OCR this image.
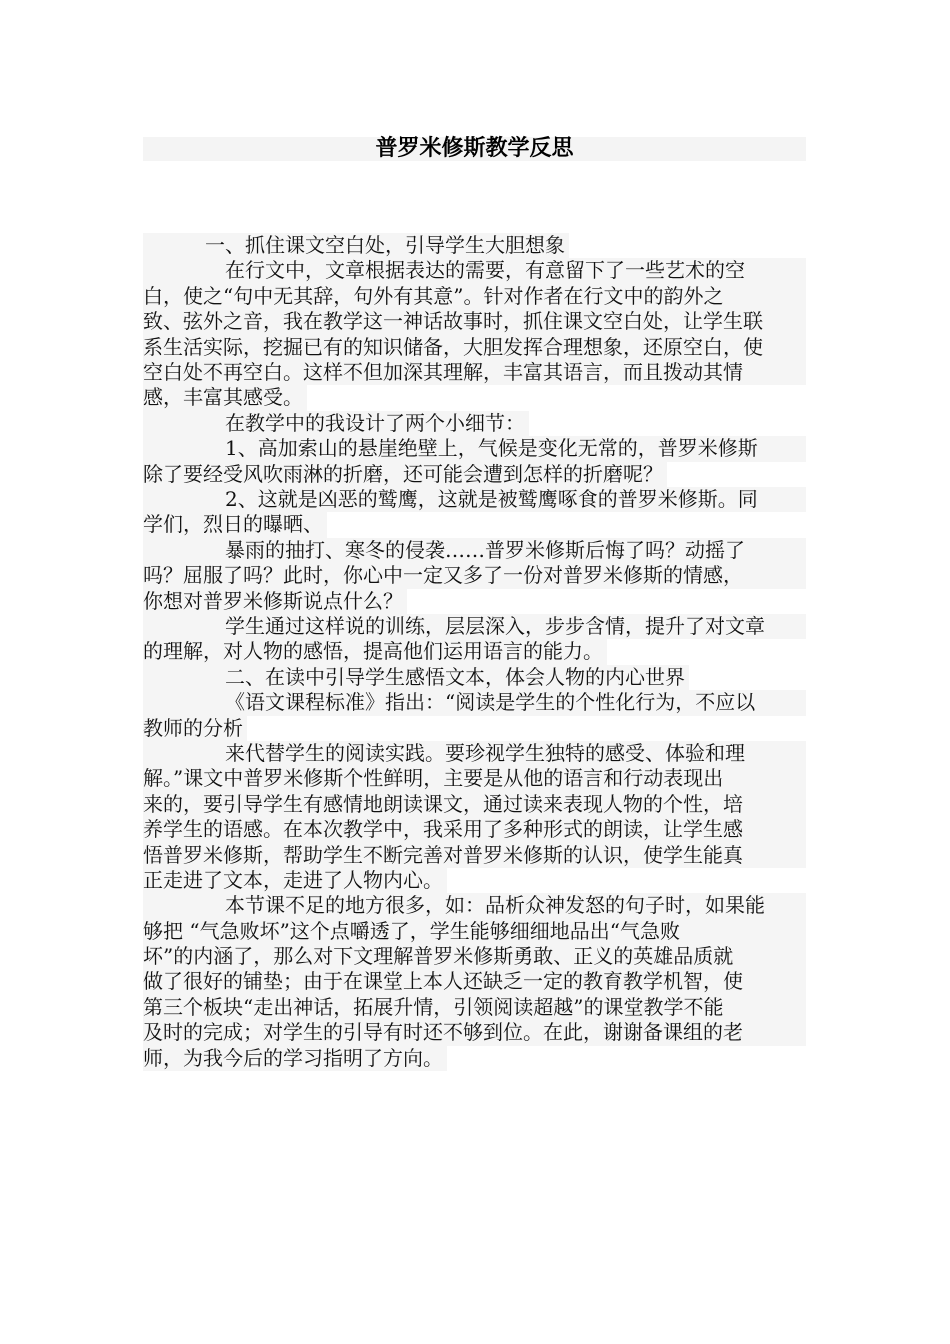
普罗米修斯教学反思
一、抓住课文空白处，引导学生大胆想象
在行文中，文章根据表达的需要，有意留下了一些艺术的空
白，使之“句中无其辞，句外有其意”。针对作者在行文中的韵外之
致、弦外之音，我在教学这一神话故事时，抓住课文空白处，让学生联
系生活实际，挖掘已有的知识储备，大胆发挥合理想象，还原空白，使
空白处不再空白。这样不但加深其理解，丰富其语言，而且拨动其情
感，丰富其感受。
在教学中的我设计了两个小细节：
1、高加索山的悬崖绝壁上，气候是变化无常的，普罗米修斯
除了要经受风吹雨淋的折磨，还可能会遭到怎样的折磨呢？
2、这就是凶恶的鹫鹰，这就是被鹫鹰啄食的普罗米修斯。同
学们，烈日的曝晒、
暴雨的抽打、寒冬的侵袭……普罗米修斯后悔了吗？动摇了
吗？屈服了吗？此时，你心中一定又多了一份对普罗米修斯的情感，
你想对普罗米修斯说点什么？
学生通过这样说的训练，层层深入，步步含情，提升了对文章
的理解，对人物的感悟，提高他们运用语言的能力。
二、在读中引导学生感悟文本，体会人物的内心世界
《语文课程标准》指出：“阅读是学生的个性化行为，不应以
教师的分析
来代替学生的阅读实践。要珍视学生独特的感受、体验和理
解。”课文中普罗米修斯个性鲜明，主要是从他的语言和行动表现出
来的，要引导学生有感情地朗读课文，通过读来表现人物的个性，培
养学生的语感。在本次教学中，我采用了多种形式的朗读，让学生感
悟普罗米修斯，帮助学生不断完善对普罗米修斯的认识，使学生能真
正走进了文本，走进了人物内心。
本节课不足的地方很多，如：品析众神发怒的句子时，如果能
够把 “气急败坏”这个点嚼透了，学生能够细细地品出“气急败
坏”的内涵了，那么对下文理解普罗米修斯勇敢、正义的英雄品质就
做了很好的铺垫；由于在课堂上本人还缺乏一定的教育教学机智，使
第三个板块“走出神话，拓展升情，引领阅读超越”的课堂教学不能
及时的完成；对学生的引导有时还不够到位。在此，谢谢备课组的老
师，为我今后的学习指明了方向。
